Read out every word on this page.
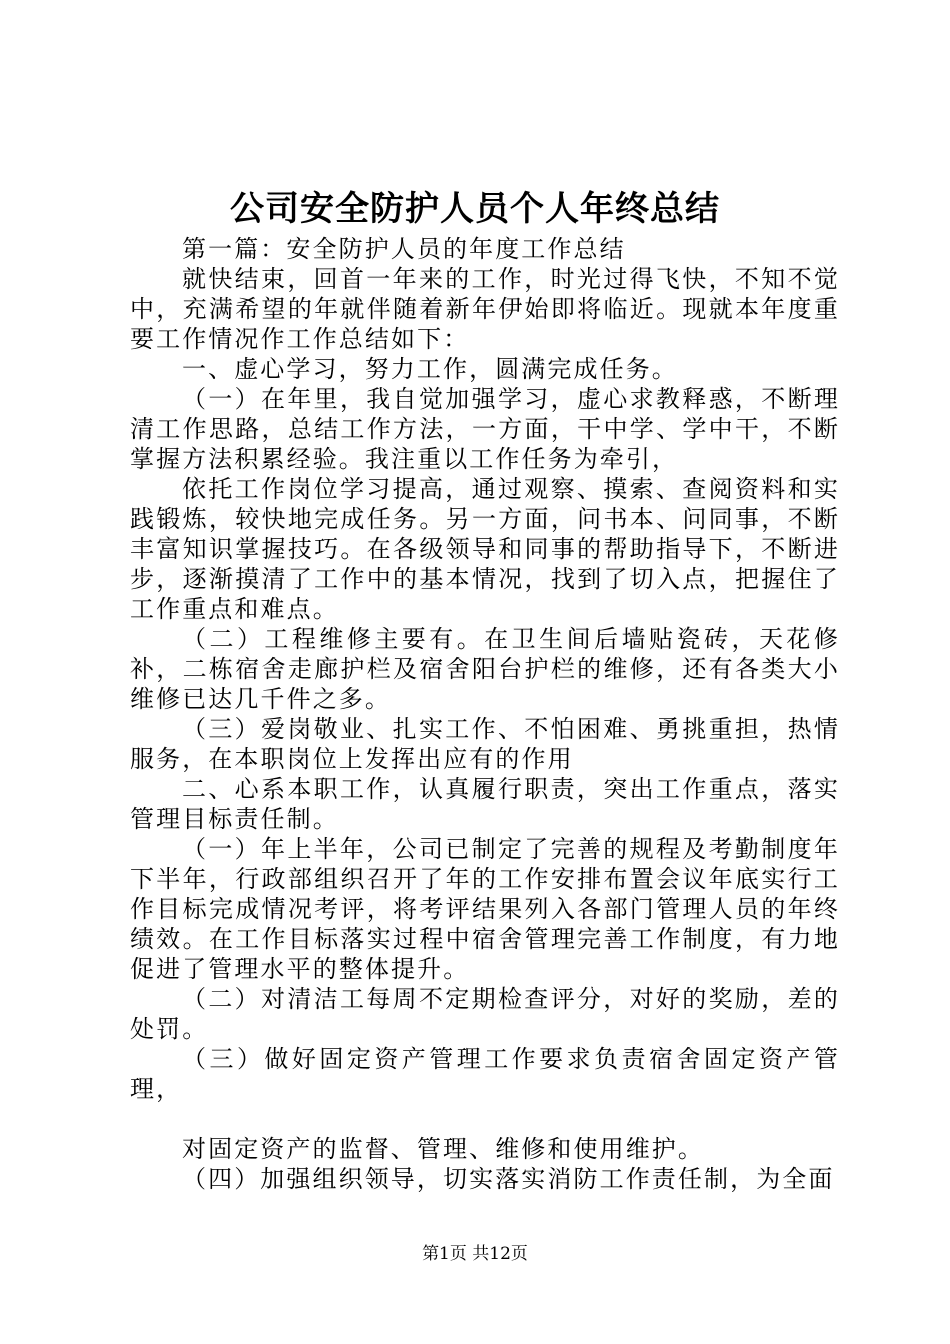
公司安全防护人员个人年终总结

第一篇：安全防护人员的年度工作总结

就快结束，回首一年来的工作，时光过得飞快，不知不觉中，充满希望的年就伴随着新年伊始即将临近。现就本年度重要工作情况作工作总结如下：

一、虚心学习，努力工作，圆满完成任务。

（一）在年里，我自觉加强学习，虚心求教释惑，不断理清工作思路，总结工作方法，一方面，干中学、学中干，不断掌握方法积累经验。我注重以工作任务为牵引，

依托工作岗位学习提高，通过观察、摸索、查阅资料和实践锻炼，较快地完成任务。另一方面，问书本、问同事，不断丰富知识掌握技巧。在各级领导和同事的帮助指导下，不断进步，逐渐摸清了工作中的基本情况，找到了切入点，把握住了工作重点和难点。

（二）工程维修主要有。在卫生间后墙贴瓷砖，天花修补，二栋宿舍走廊护栏及宿舍阳台护栏的维修，还有各类大小维修已达几千件之多。

（三）爱岗敬业、扎实工作、不怕困难、勇挑重担，热情服务，在本职岗位上发挥出应有的作用

二、心系本职工作，认真履行职责，突出工作重点，落实管理目标责任制。

（一）年上半年，公司已制定了完善的规程及考勤制度年下半年，行政部组织召开了年的工作安排布置会议年底实行工作目标完成情况考评，将考评结果列入各部门管理人员的年终绩效。在工作目标落实过程中宿舍管理完善工作制度，有力地促进了管理水平的整体提升。

（二）对清洁工每周不定期检查评分，对好的奖励，差的处罚。

（三）做好固定资产管理工作要求负责宿舍固定资产管理，

对固定资产的监督、管理、维修和使用维护。

（四）加强组织领导，切实落实消防工作责任制，为全面

第1页 共12页
